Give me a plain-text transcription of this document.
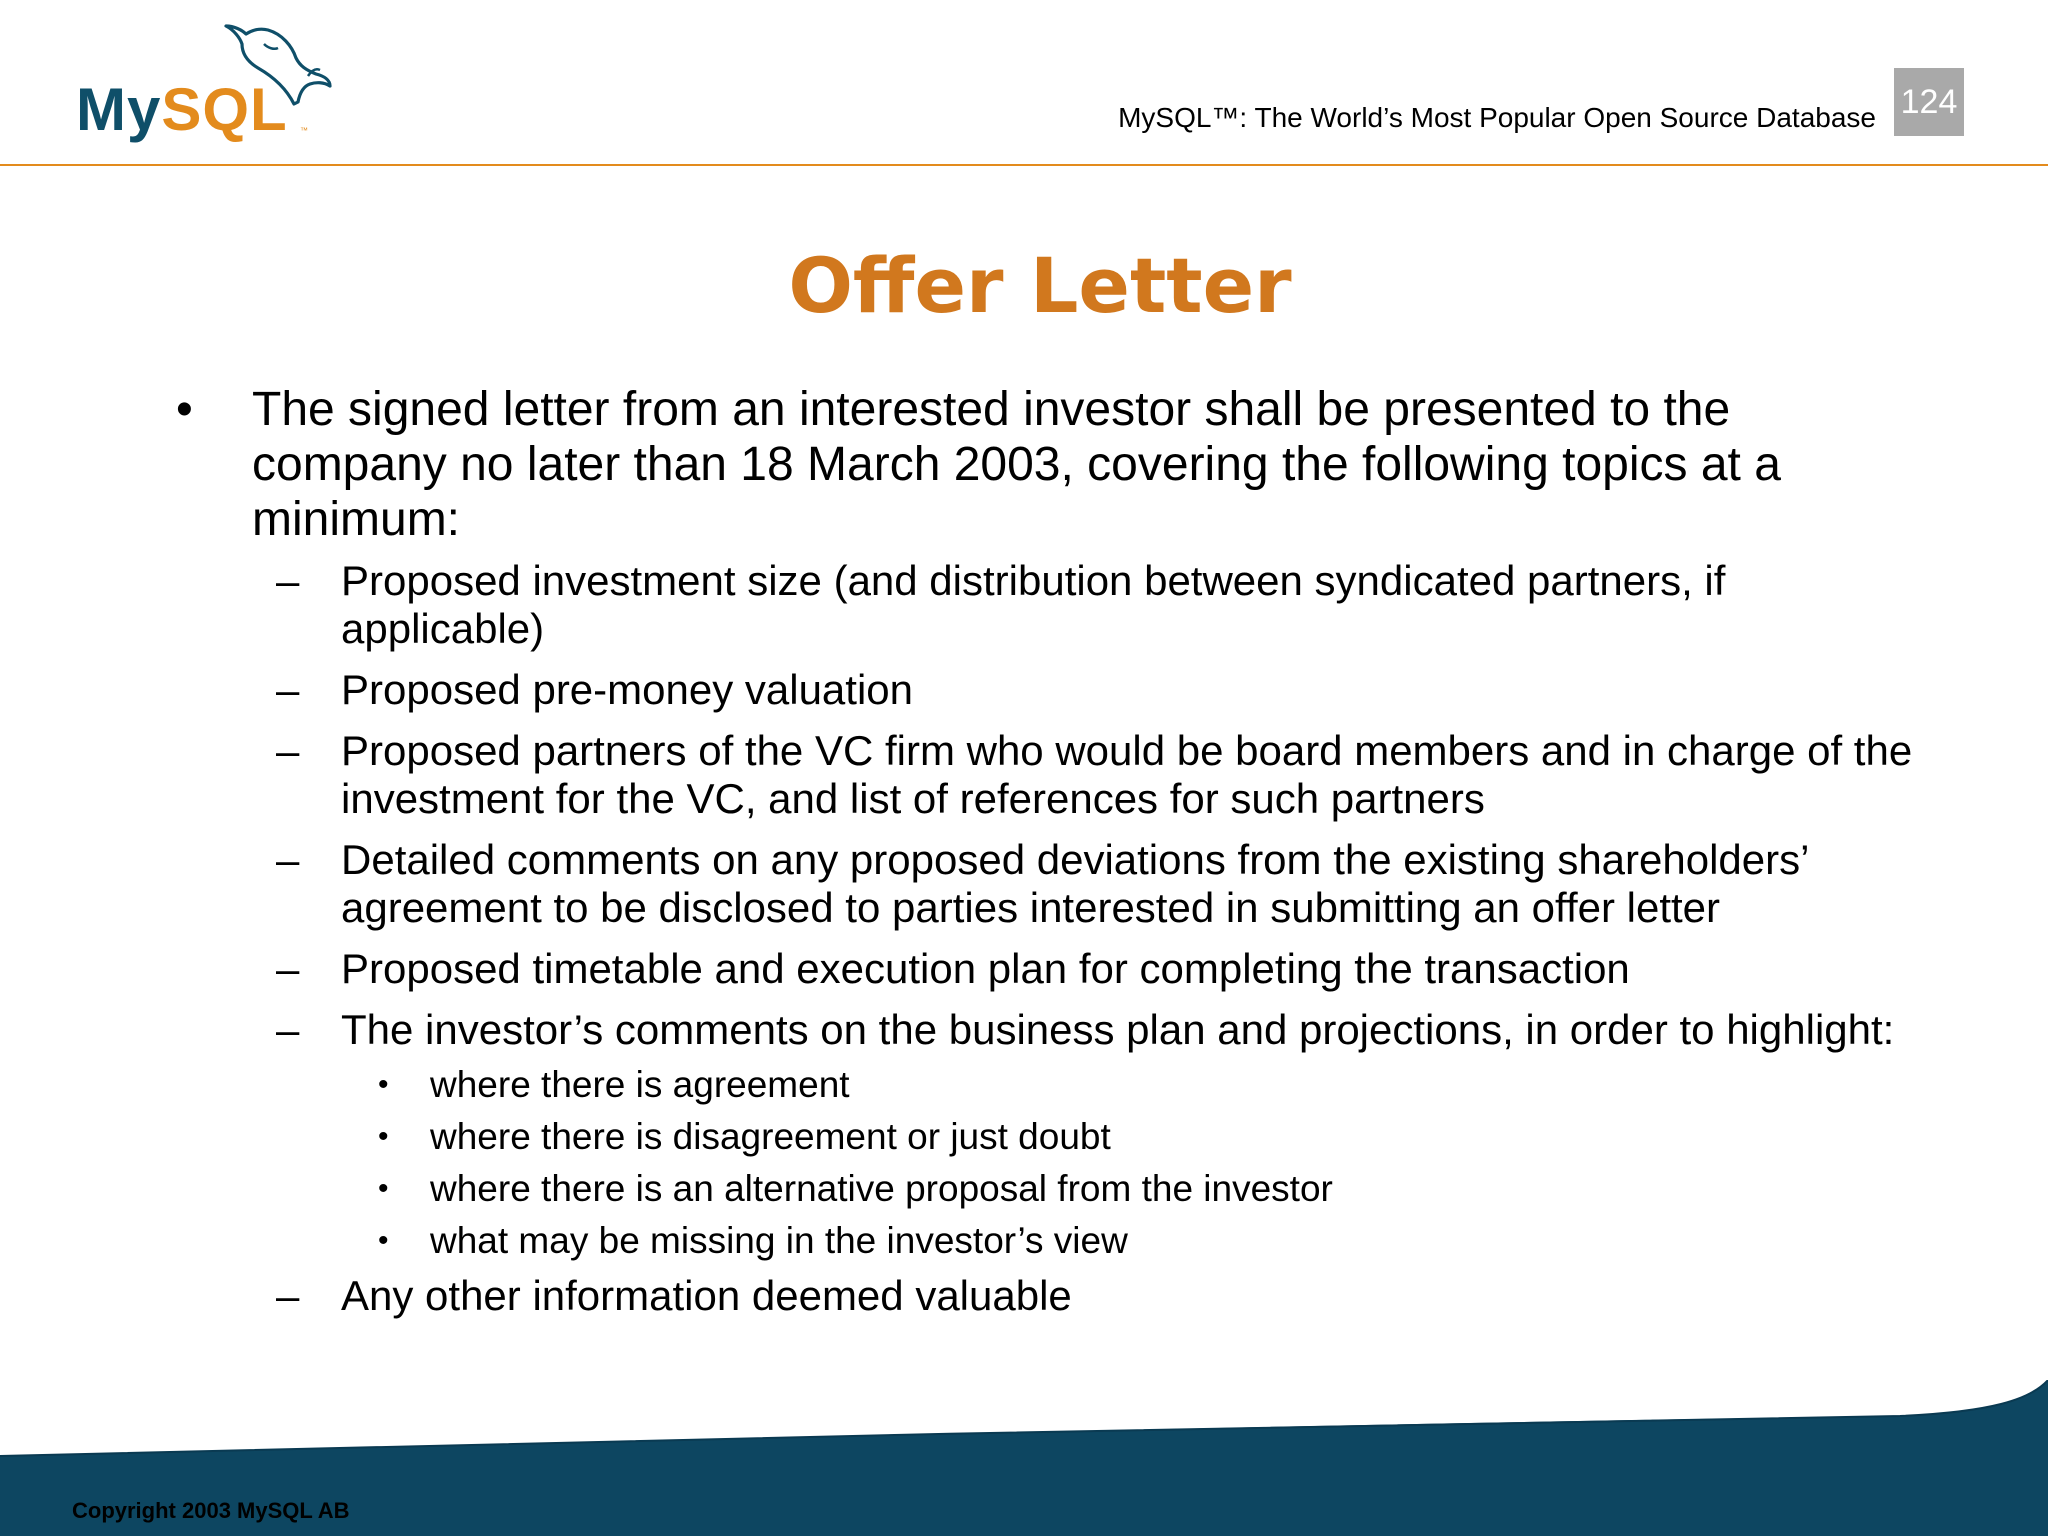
MySQL ™	MySQL™: The World’s Most Popular Open Source Database 124
Offer Letter
• The signed letter from an interested investor shall be presented to the company no later than 18 March 2003, covering the following topics at a minimum:
– Proposed investment size (and distribution between syndicated partners, if applicable)
– Proposed pre-money valuation
– Proposed partners of the VC firm who would be board members and in charge of the investment for the VC, and list of references for such partners
– Detailed comments on any proposed deviations from the existing shareholders’ agreement to be disclosed to parties interested in submitting an offer letter
– Proposed timetable and execution plan for completing the transaction
– The investor’s comments on the business plan and projections, in order to highlight:
• where there is agreement
• where there is disagreement or just doubt
• where there is an alternative proposal from the investor
• what may be missing in the investor’s view
– Any other information deemed valuable
Copyright 2003 MySQL AB
